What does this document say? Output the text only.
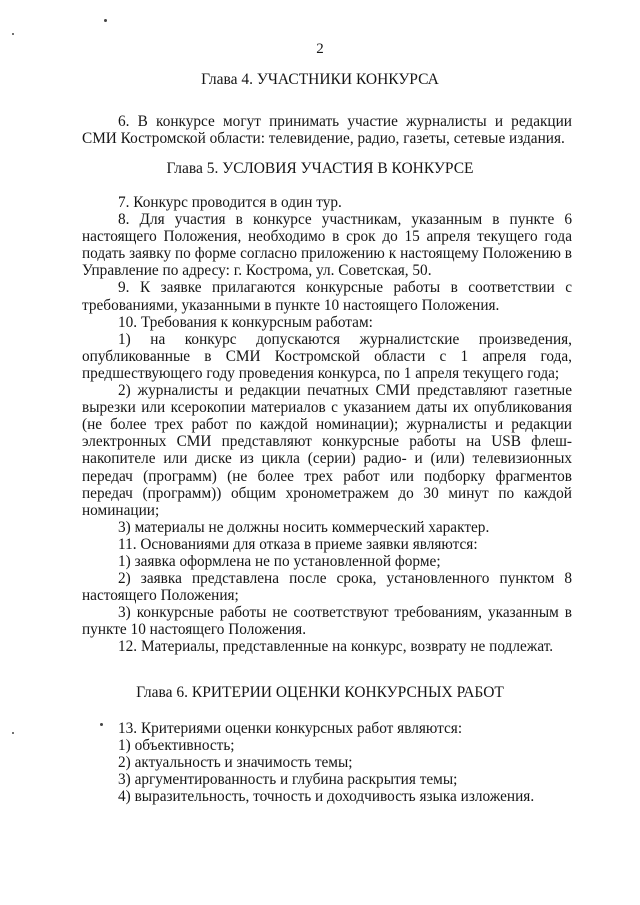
2
Глава 4. УЧАСТНИКИ КОНКУРСА
6. В конкурсе могут принимать участие журналисты и редакции
СМИ Костромской области: телевидение, радио, газеты, сетевые издания.
Глава 5. УСЛОВИЯ УЧАСТИЯ В КОНКУРСЕ
7. Конкурс проводится в один тур.
8. Для участия в конкурсе участникам, указанным в пункте 6
настоящего Положения, необходимо в срок до 15 апреля текущего года
подать заявку по форме согласно приложению к настоящему Положению в
Управление по адресу: г. Кострома, ул. Советская, 50.
9. К заявке прилагаются конкурсные работы в соответствии с
требованиями, указанными в пункте 10 настоящего Положения.
10. Требования к конкурсным работам:
1) на конкурс допускаются журналистские произведения,
опубликованные в СМИ Костромской области с 1 апреля года,
предшествующего году проведения конкурса, по 1 апреля текущего года;
2) журналисты и редакции печатных СМИ представляют газетные
вырезки или ксерокопии материалов с указанием даты их опубликования
(не более трех работ по каждой номинации); журналисты и редакции
электронных СМИ представляют конкурсные работы на USB флеш-
накопителе или диске из цикла (серии) радио- и (или) телевизионных
передач (программ) (не более трех работ или подборку фрагментов
передач (программ)) общим хронометражем до 30 минут по каждой
номинации;
3) материалы не должны носить коммерческий характер.
11. Основаниями для отказа в приеме заявки являются:
1) заявка оформлена не по установленной форме;
2) заявка представлена после срока, установленного пунктом 8
настоящего Положения;
3) конкурсные работы не соответствуют требованиям, указанным в
пункте 10 настоящего Положения.
12. Материалы, представленные на конкурс, возврату не подлежат.
Глава 6. КРИТЕРИИ ОЦЕНКИ КОНКУРСНЫХ РАБОТ
13. Критериями оценки конкурсных работ являются:
1) объективность;
2) актуальность и значимость темы;
3) аргументированность и глубина раскрытия темы;
4) выразительность, точность и доходчивость языка изложения.
